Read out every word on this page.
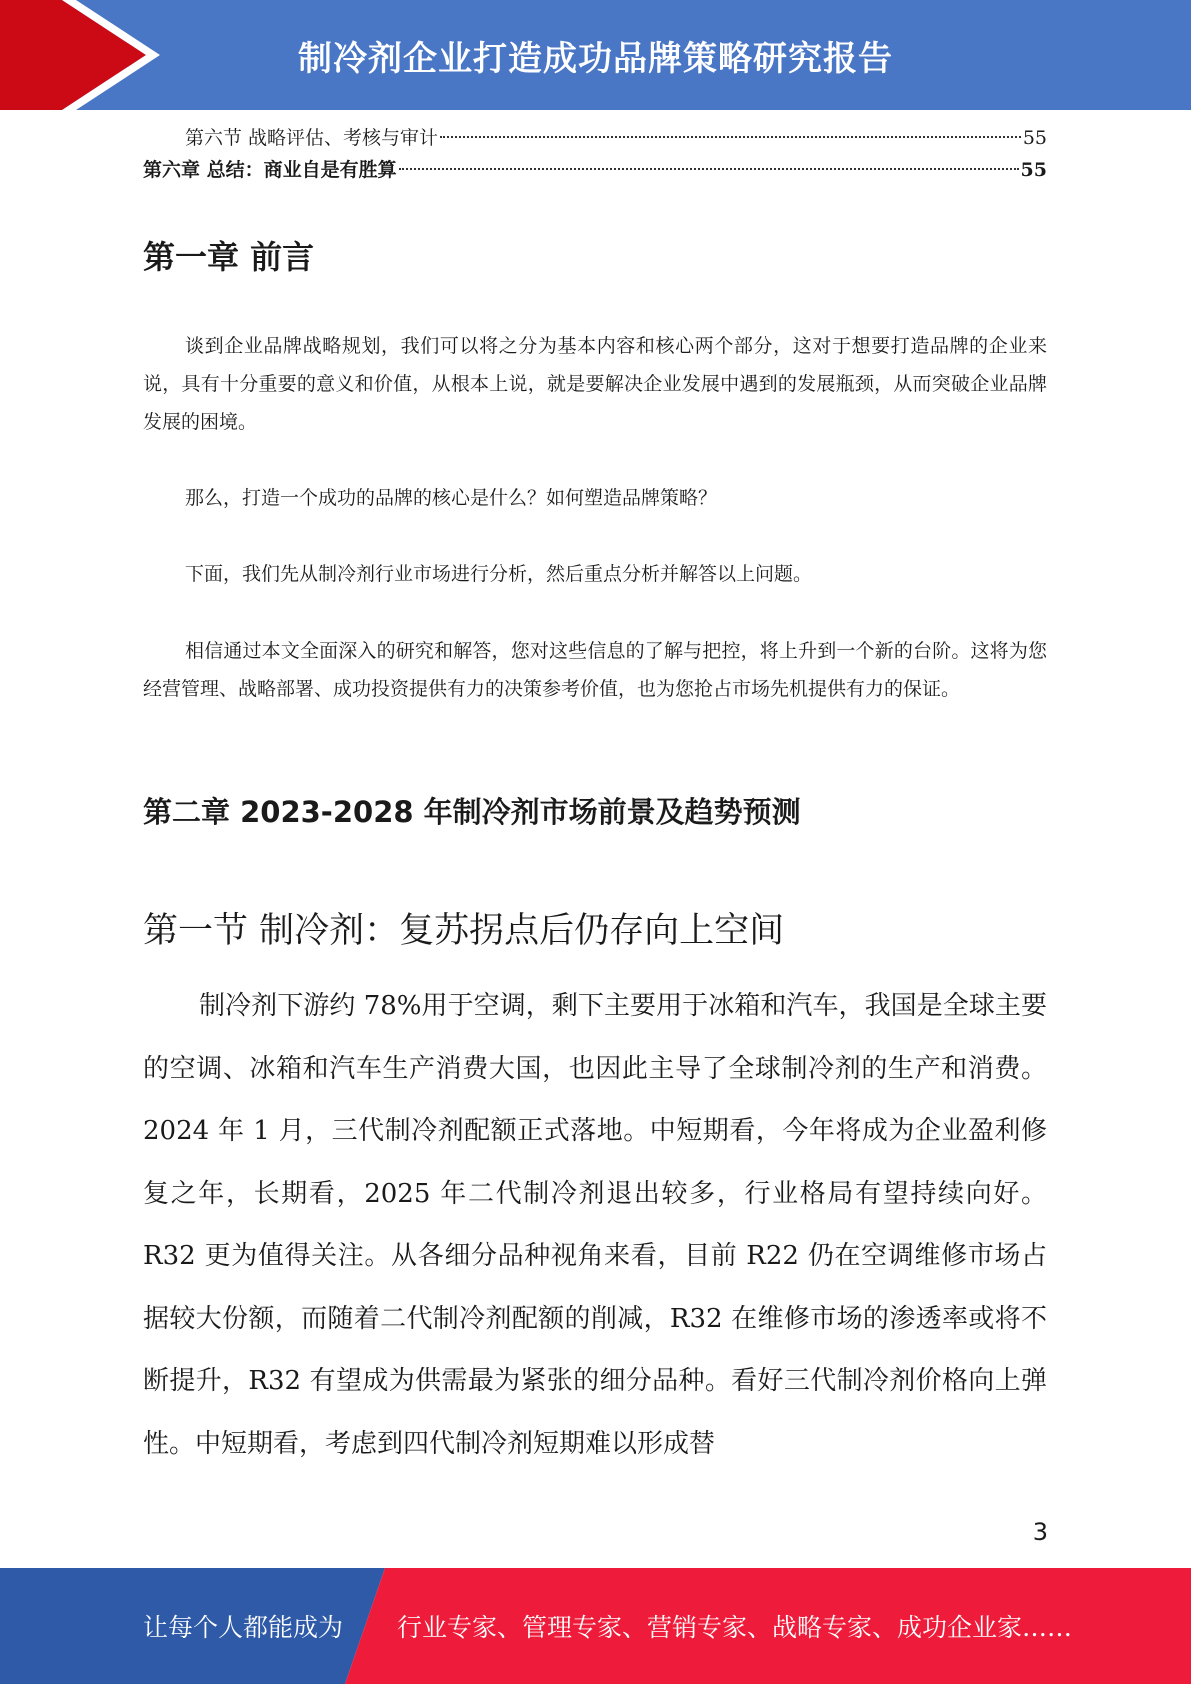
制冷剂企业打造成功品牌策略研究报告
第六节 战略评估、考核与审计	55
第六章 总结：商业自是有胜算	55
第一章 前言

谈到企业品牌战略规划，我们可以将之分为基本内容和核心两个部分，这对于想要打造品牌的企业来说，具有十分重要的意义和价值，从根本上说，就是要解决企业发展中遇到的发展瓶颈，从而突破企业品牌发展的困境。

那么，打造一个成功的品牌的核心是什么？如何塑造品牌策略？

下面，我们先从制冷剂行业市场进行分析，然后重点分析并解答以上问题。

相信通过本文全面深入的研究和解答，您对这些信息的了解与把控，将上升到一个新的台阶。这将为您经营管理、战略部署、成功投资提供有力的决策参考价值，也为您抢占市场先机提供有力的保证。

第二章 2023-2028 年制冷剂市场前景及趋势预测
第一节 制冷剂：复苏拐点后仍存向上空间

制冷剂下游约 78%用于空调，剩下主要用于冰箱和汽车，我国是全球主要的空调、冰箱和汽车生产消费大国，也因此主导了全球制冷剂的生产和消费。2024 年 1 月，三代制冷剂配额正式落地。中短期看，今年将成为企业盈利修复之年，长期看，2025 年二代制冷剂退出较多，行业格局有望持续向好。R32 更为值得关注。从各细分品种视角来看，目前 R22 仍在空调维修市场占据较大份额，而随着二代制冷剂配额的削减，R32 在维修市场的渗透率或将不断提升，R32 有望成为供需最为紧张的细分品种。看好三代制冷剂价格向上弹性。中短期看，考虑到四代制冷剂短期难以形成替

3
让每个人都能成为 行业专家、管理专家、营销专家、战略专家、成功企业家……
